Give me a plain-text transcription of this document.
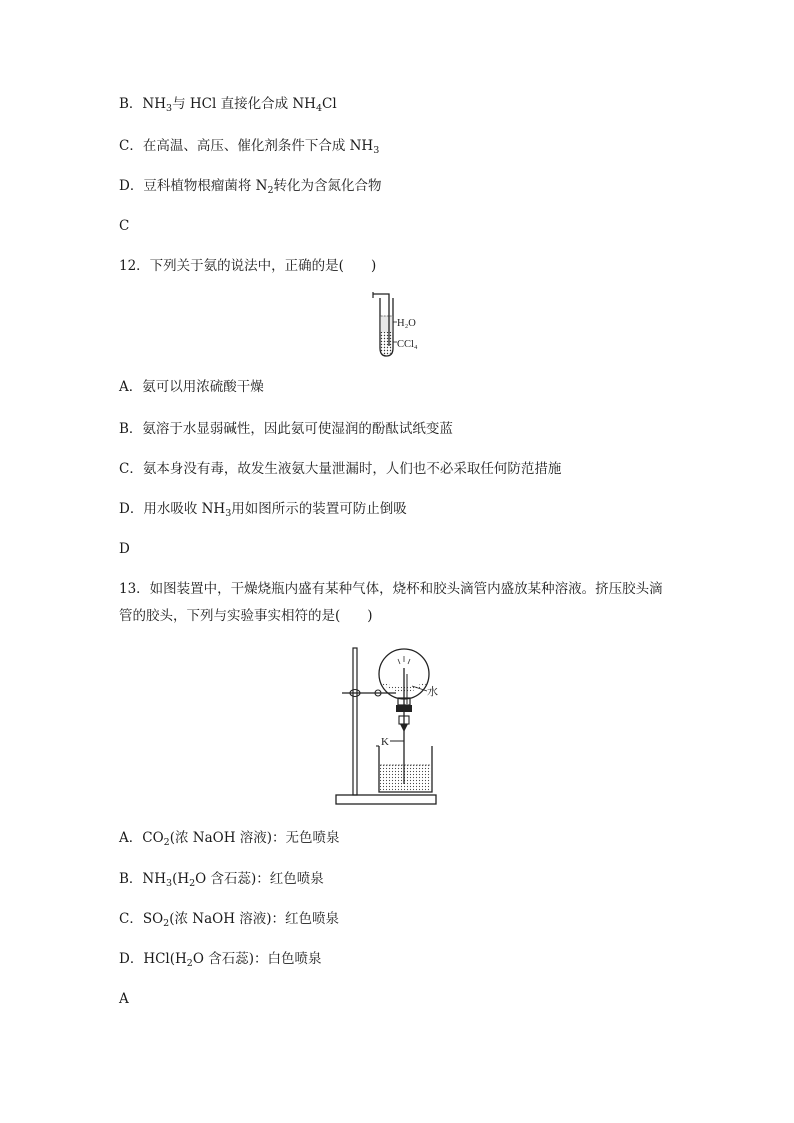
B．$NH_3$与 HCl 直接化合成 $NH_4Cl$
C．在高温、高压、催化剂条件下合成 $NH_3$
D．豆科植物根瘤菌将 $N_2$转化为含氮化合物
C
12．下列关于氨的说法中，正确的是(　　)
H₂O
CCl₄
A．氨可以用浓硫酸干燥
B．氨溶于水显弱碱性，因此氨可使湿润的酚酞试纸变蓝
C．氨本身没有毒，故发生液氨大量泄漏时，人们也不必采取任何防范措施
D．用水吸收 $NH_3$用如图所示的装置可防止倒吸
D
13．如图装置中，干燥烧瓶内盛有某种气体，烧杯和胶头滴管内盛放某种溶液。挤压胶头滴
管的胶头，下列与实验事实相符的是(　　)
水
K
A．$CO_2$(浓 NaOH 溶液)：无色喷泉
B．$NH_3(H_2O$ 含石蕊)：红色喷泉
C．$SO_2$(浓 NaOH 溶液)：红色喷泉
D．$HCl(H_2O$ 含石蕊)：白色喷泉
A
